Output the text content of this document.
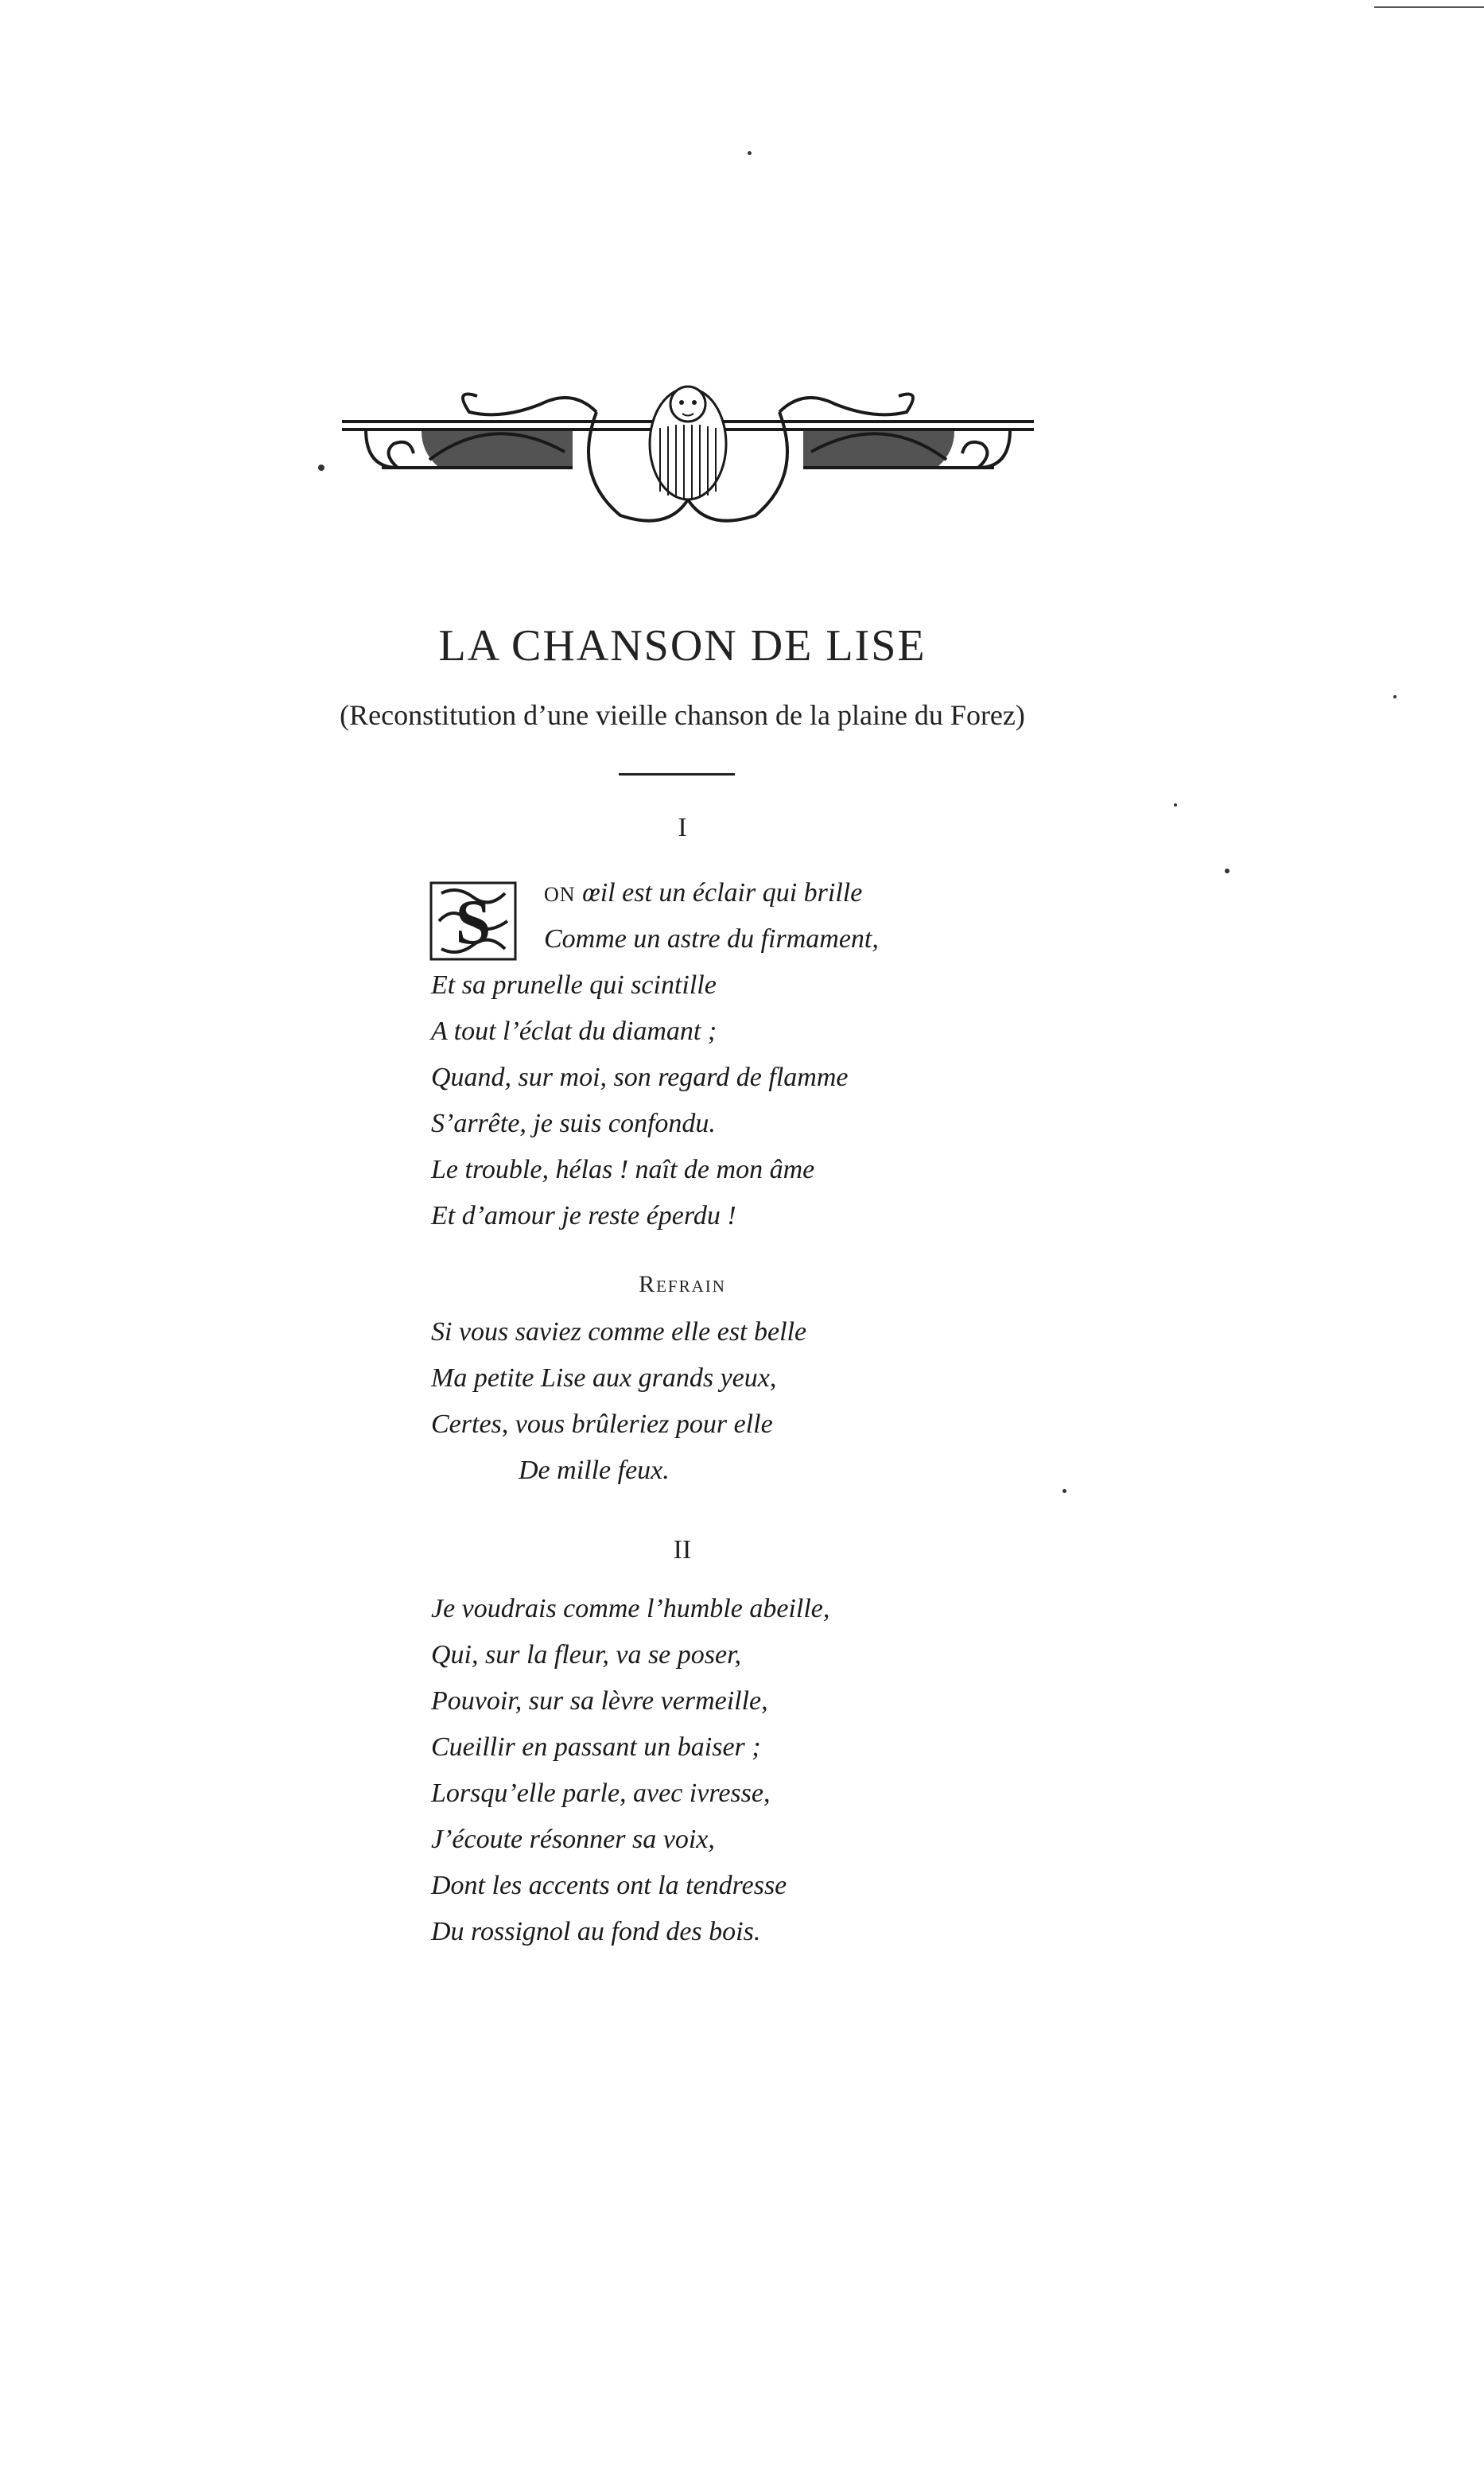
LA CHANSON DE LISE
(Reconstitution d’une vieille chanson de la plaine du Forez)
I
S	ON œil est un éclair qui brille
Comme un astre du firmament,
Et sa prunelle qui scintille
A tout l’éclat du diamant ;
Quand, sur moi, son regard de flamme
S’arrête, je suis confondu.
Le trouble, hélas ! naît de mon âme
Et d’amour je reste éperdu !
Refrain
Si vous saviez comme elle est belle
Ma petite Lise aux grands yeux,
Certes, vous brûleriez pour elle
De mille feux.
II
Je voudrais comme l’humble abeille,
Qui, sur la fleur, va se poser,
Pouvoir, sur sa lèvre vermeille,
Cueillir en passant un baiser ;
Lorsqu’elle parle, avec ivresse,
J’écoute résonner sa voix,
Dont les accents ont la tendresse
Du rossignol au fond des bois.
